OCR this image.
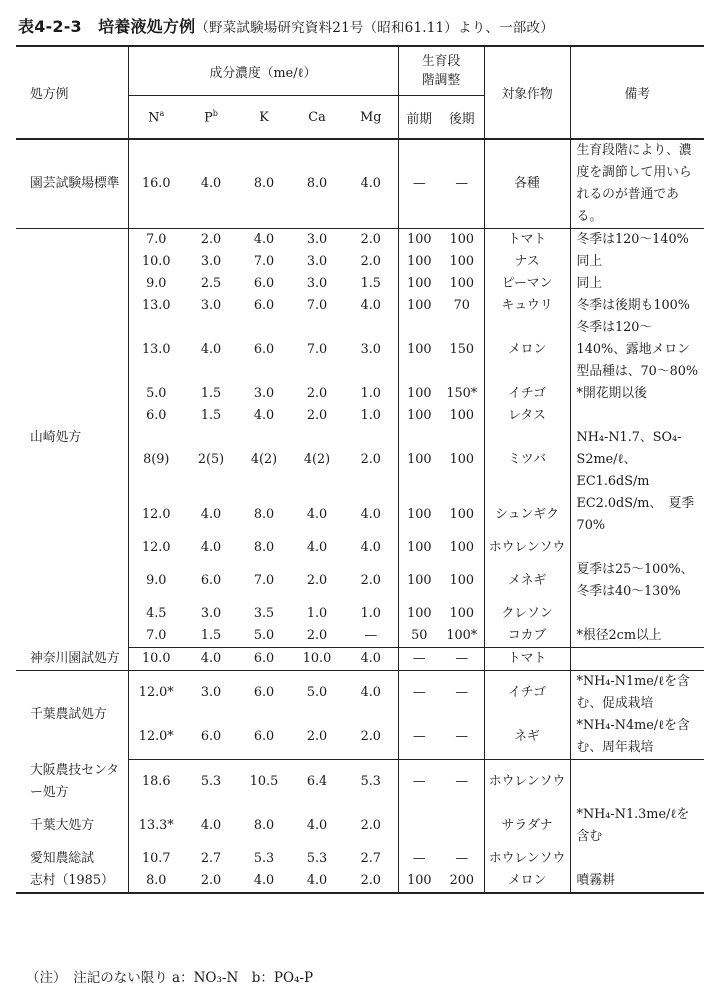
表4-2-3　培養液処方例（野菜試験場研究資料21号（昭和61.11）より、一部改）
処方例	成分濃度（me/ℓ）					生育段階調整		対象作物	備考
	$N^a$	$P^b$	K	Ca	Mg	前期	後期		
園芸試験場標準	16.0	4.0	8.0	8.0	4.0	—	—	各種	生育段階により、濃度を調節して用いられるのが普通である。
山崎処方	7.0	2.0	4.0	3.0	2.0	100	100	トマト	冬季は120～140%
	10.0	3.0	7.0	3.0	2.0	100	100	ナス	同上
	9.0	2.5	6.0	3.0	1.5	100	100	ピーマン	同上
	13.0	3.0	6.0	7.0	4.0	100	70	キュウリ	冬季は後期も100%
	13.0	4.0	6.0	7.0	3.0	100	150	メロン	冬季は120～140%、露地メロン型品種は、70～80%
	5.0	1.5	3.0	2.0	1.0	100	150*	イチゴ	*開花期以後
	6.0	1.5	4.0	2.0	1.0	100	100	レタス	
	8(9)	2(5)	4(2)	4(2)	2.0	100	100	ミツバ	NH₄-N1.7、SO₄-S2me/ℓ、EC1.6dS/m
	12.0	4.0	8.0	4.0	4.0	100	100	シュンギク	EC2.0dS/m、　夏季70%
	12.0	4.0	8.0	4.0	4.0	100	100	ホウレンソウ	
	9.0	6.0	7.0	2.0	2.0	100	100	メネギ	夏季は25～100%、冬季は40～130%
	4.5	3.0	3.5	1.0	1.0	100	100	クレソン	
	7.0	1.5	5.0	2.0	—	50	100*	コカブ	*根径2cm以上
神奈川園試処方	10.0	4.0	6.0	10.0	4.0	—	—	トマト	
千葉農試処方	12.0*	3.0	6.0	5.0	4.0	—	—	イチゴ	*NH₄-N1me/ℓを含む、促成栽培
	12.0*	6.0	6.0	2.0	2.0	—	—	ネギ	*NH₄-N4me/ℓを含む、周年栽培
大阪農技センター処方	18.6	5.3	10.5	6.4	5.3	—	—	ホウレンソウ	
千葉大処方	13.3*	4.0	8.0	4.0	2.0			サラダナ	*NH₄-N1.3me/ℓを含む
愛知農総試	10.7	2.7	5.3	5.3	2.7	—	—	ホウレンソウ	
志村（1985）	8.0	2.0	4.0	4.0	2.0	100	200	メロン	噴霧耕
（注）　注記のない限り a：NO₃-N　b：PO₄-P
